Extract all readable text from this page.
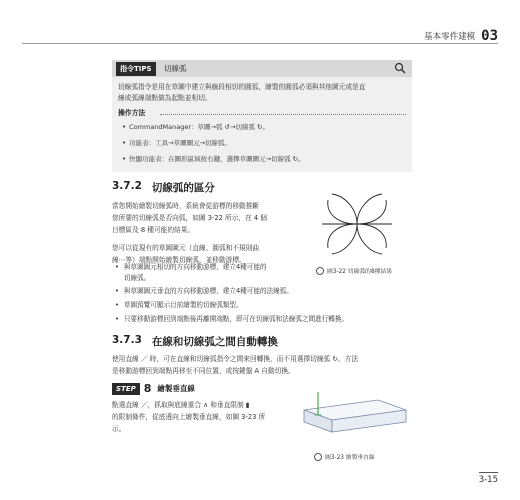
基本零件建模 03
指令TIPS	切線弧
切線弧指令是用在草圖中建立與線段相切的圓弧，繪製的圓弧必須與其他圖元或是直
線或弧線端點做為起點並相切。
操作方法
• CommandManager：草圖→弧 ↺→切線弧 ↻。
• 功能表：工具→草圖圖元→切線弧。
• 快顯功能表：在圖形區域按右鍵，選擇草圖圖元→切線弧 ↻。
3.7.2 切線弧的區分
當您開始繪製切線弧時，系統會從游標的移動推斷
您所要的切線弧是否向弧，如圖 3-22 所示，在 4 個
目標區及 8 種可能的結果。
您可以從現有的草圖圖元（直線、圓弧和不規則曲
線⋯等）端點開始繪製切線弧，並移動游標。
• 與草圖圖元相切的方向移動游標，建立4種可能的
切線弧。
• 與草圖圖元垂直的方向移動游標，建立4種可能的法線弧。
• 草圖預覽可顯示目前繪製的切線弧類型。
• 只要移動游標回到端點後再離開端點，即可在切線弧和法線弧之間進行轉換。
圖3-22 切線弧的8種結果
3.7.3 在線和切線弧之間自動轉換
使用直線 ／ 時，可在直線和切線弧指令之間來回轉換，而不用選擇切線弧 ↻。方法
是移動游標回到端點再移至不同位置，或按鍵盤 A 自動切換。
STEP 8 繪製垂直線
點選直線 ／，抓取與底線重合 ∧ 和垂直限制 ▮
的限制條件，從底邊向上繪製垂直線，如圖 3-23 所
示。
圖3-23 繪製垂直線
3-15
